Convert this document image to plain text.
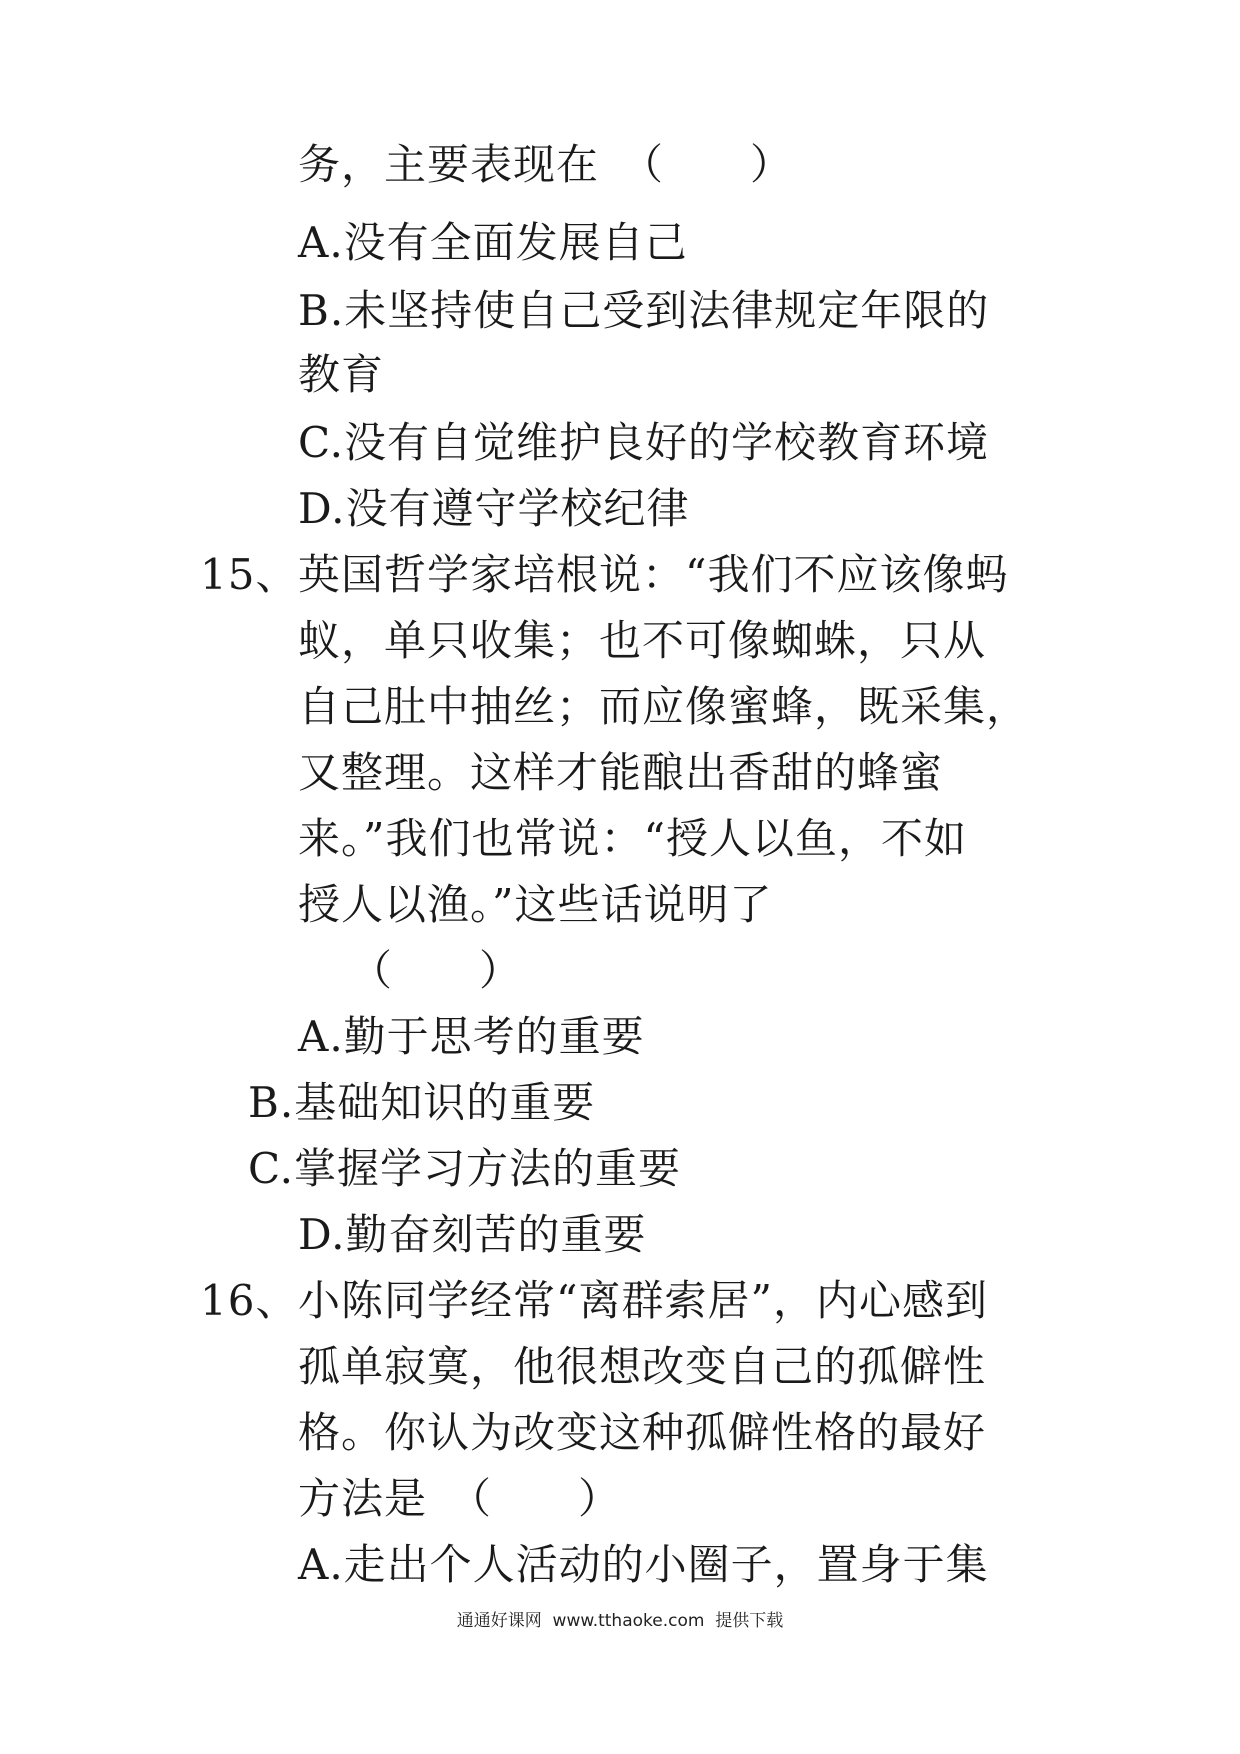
务，主要表现在　（　　）
A.没有全面发展自己
B.未坚持使自己受到法律规定年限的
教育
C.没有自觉维护良好的学校教育环境
D.没有遵守学校纪律
15、 英国哲学家培根说：“我们不应该像蚂
蚁，单只收集；也不可像蜘蛛，只从
自己肚中抽丝；而应像蜜蜂，既采集，
又整理。这样才能酿出香甜的蜂蜜
来。”我们也常说：“授人以鱼，不如
授人以渔。”这些话说明了
（　　）
A.勤于思考的重要
B.基础知识的重要
C.掌握学习方法的重要
D.勤奋刻苦的重要
16、 小陈同学经常“离群索居”，内心感到
孤单寂寞，他很想改变自己的孤僻性
格。你认为改变这种孤僻性格的最好
方法是　（　　）
A.走出个人活动的小圈子，置身于集
通通好课网  www.tthaoke.com  提供下载
